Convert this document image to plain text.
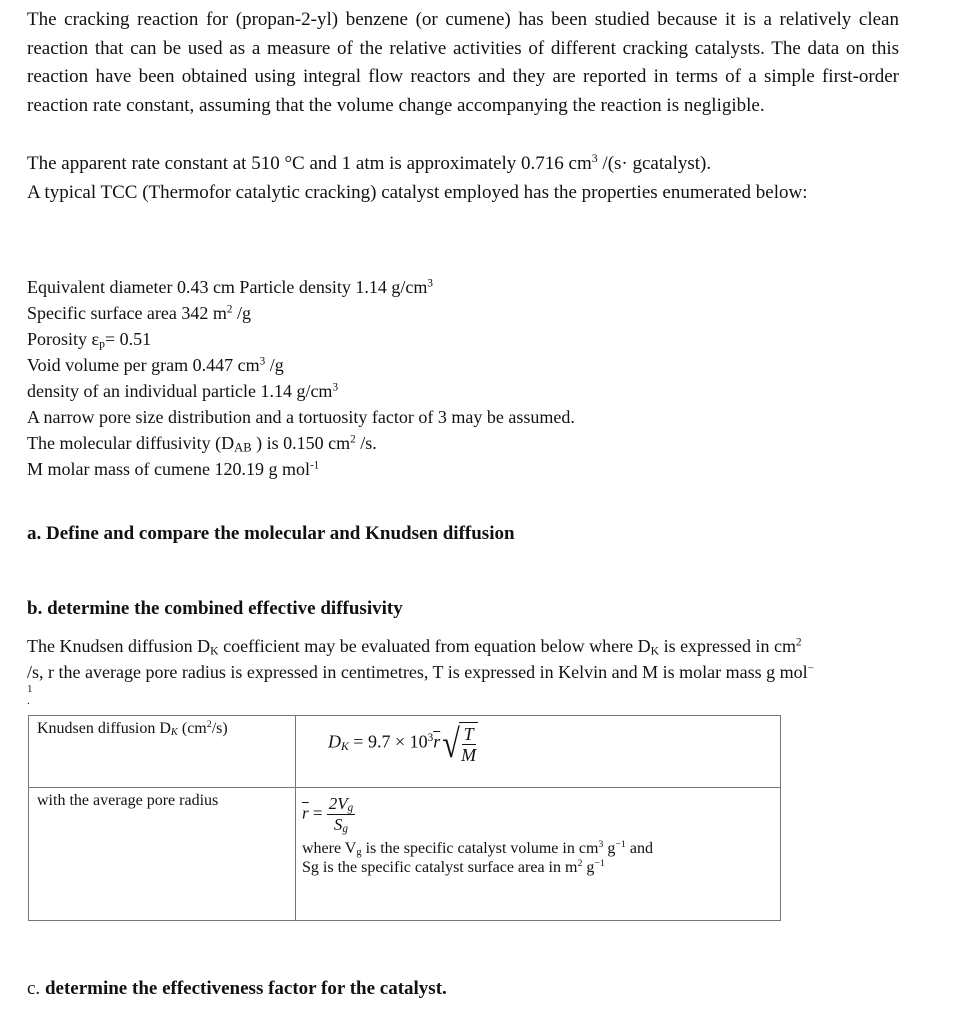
The cracking reaction for (propan-2-yl) benzene (or cumene) has been studied because it is a relatively clean reaction that can be used as a measure of the relative activities of different cracking catalysts. The data on this reaction have been obtained using integral flow reactors and they are reported in terms of a simple first-order reaction rate constant, assuming that the volume change accompanying the reaction is negligible.

The apparent rate constant at 510 °C and 1 atm is approximately 0.716 $cm^3$ /(s· gcatalyst).

A typical TCC (Thermofor catalytic cracking) catalyst employed has the properties enumerated below:

Equivalent diameter 0.43 cm Particle density 1.14 $g/cm^3$

Specific surface area 342 $m^2$ /g

Porosity $\varepsilon_p= 0.51$

Void volume per gram 0.447 $cm^3$ /g

density of an individual particle 1.14 $g/cm^3$

A narrow pore size distribution and a tortuosity factor of 3 may be assumed.

The molecular diffusivity ($D_{AB}$ ) is 0.150 $cm^2$ /s.

M molar mass of cumene 120.19 g mol$^{-1}$

a. Define and compare the molecular and Knudsen diffusion

b. determine the combined effective diffusivity

The Knudsen diffusion $D_K$ coefficient may be evaluated from equation below where $D_K$ is expressed in $cm^2$

/s, r the average pore radius is expressed in centimetres, T is expressed in Kelvin and M is molar mass g mol−

1
.

Knudsen diffusion $D_K$ $(cm^2/s)$	$D_K = 9.7 \times 10^3\overline{r}$ √ $\frac{T}{M}$

with the average pore radius	$\overline{r} = \frac{2V_g}{S_g}$
where $V_g$ is the specific catalyst volume in $cm^3$ $g^{-1}$ and
Sg is the specific catalyst surface area in $m^2$ $g^{-1}$

c. determine the effectiveness factor for the catalyst.
